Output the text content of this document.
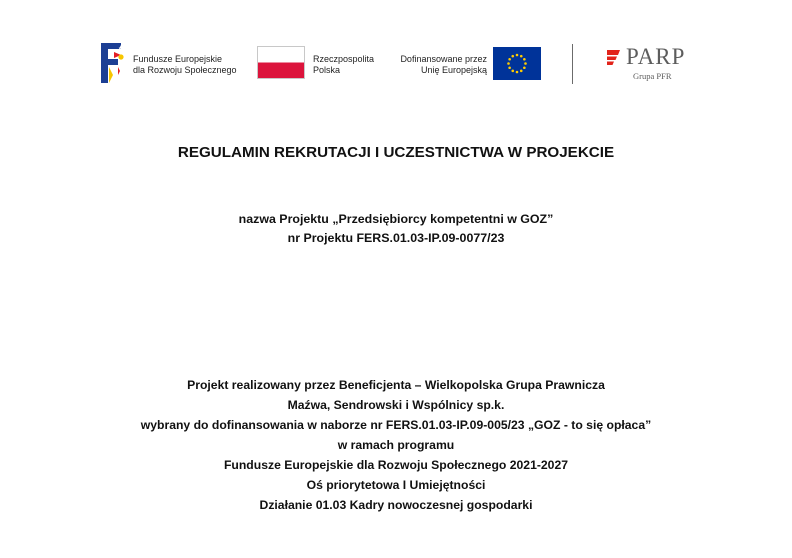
Fundusze Europejskie
dla Rozwoju Społecznego
Rzeczpospolita
Polska
Dofinansowane przez
Unię Europejską
PARP
Grupa PFR
REGULAMIN REKRUTACJI I UCZESTNICTWA W PROJEKCIE
nazwa Projektu „Przedsiębiorcy kompetentni w GOZ”
nr Projektu FERS.01.03-IP.09-0077/23
Projekt realizowany przez Beneficjenta – Wielkopolska Grupa Prawnicza
Maźwa, Sendrowski i Wspólnicy sp.k.
wybrany do dofinansowania w naborze nr FERS.01.03-IP.09-005/23 „GOZ - to się opłaca”
w ramach programu
Fundusze Europejskie dla Rozwoju Społecznego 2021-2027
Oś priorytetowa I Umiejętności
Działanie 01.03 Kadry nowoczesnej gospodarki
